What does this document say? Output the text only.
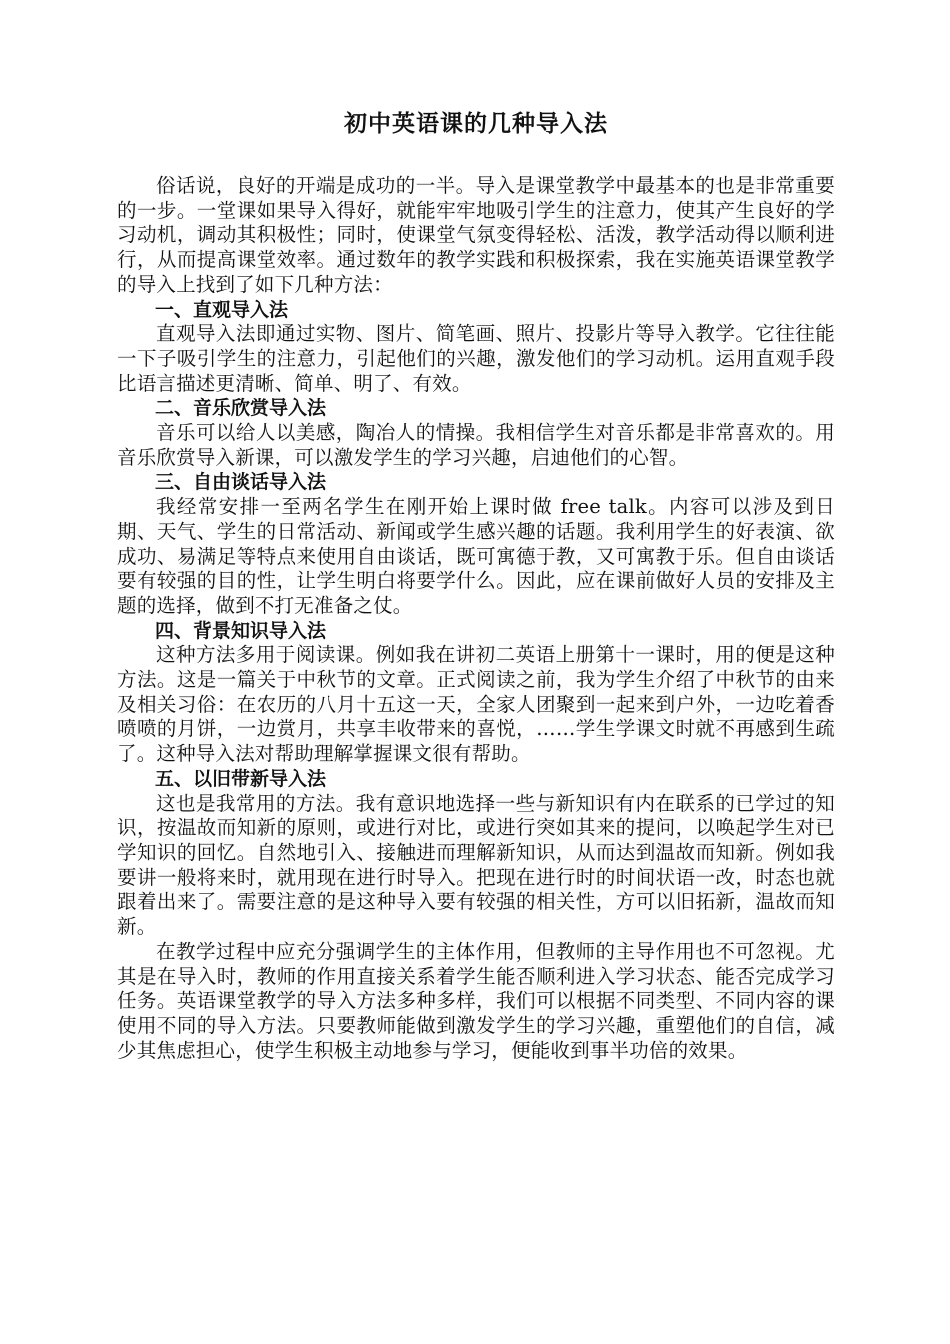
初中英语课的几种导入法

俗话说，良好的开端是成功的一半。导入是课堂教学中最基本的也是非常重要的一步。一堂课如果导入得好，就能牢牢地吸引学生的注意力，使其产生良好的学习动机，调动其积极性；同时，使课堂气氛变得轻松、活泼，教学活动得以顺利进行，从而提高课堂效率。通过数年的教学实践和积极探索，我在实施英语课堂教学的导入上找到了如下几种方法：

一、直观导入法

直观导入法即通过实物、图片、简笔画、照片、投影片等导入教学。它往往能一下子吸引学生的注意力，引起他们的兴趣，激发他们的学习动机。运用直观手段比语言描述更清晰、简单、明了、有效。

二、音乐欣赏导入法

音乐可以给人以美感，陶冶人的情操。我相信学生对音乐都是非常喜欢的。用音乐欣赏导入新课，可以激发学生的学习兴趣，启迪他们的心智。

三、自由谈话导入法

我经常安排一至两名学生在刚开始上课时做 free talk。内容可以涉及到日期、天气、学生的日常活动、新闻或学生感兴趣的话题。我利用学生的好表演、欲成功、易满足等特点来使用自由谈话，既可寓德于教，又可寓教于乐。但自由谈话要有较强的目的性，让学生明白将要学什么。因此，应在课前做好人员的安排及主题的选择，做到不打无准备之仗。

四、背景知识导入法

这种方法多用于阅读课。例如我在讲初二英语上册第十一课时，用的便是这种方法。这是一篇关于中秋节的文章。正式阅读之前，我为学生介绍了中秋节的由来及相关习俗：在农历的八月十五这一天，全家人团聚到一起来到户外，一边吃着香喷喷的月饼，一边赏月，共享丰收带来的喜悦，……学生学课文时就不再感到生疏了。这种导入法对帮助理解掌握课文很有帮助。

五、以旧带新导入法

这也是我常用的方法。我有意识地选择一些与新知识有内在联系的已学过的知识，按温故而知新的原则，或进行对比，或进行突如其来的提问，以唤起学生对已学知识的回忆。自然地引入、接触进而理解新知识，从而达到温故而知新。例如我要讲一般将来时，就用现在进行时导入。把现在进行时的时间状语一改，时态也就跟着出来了。需要注意的是这种导入要有较强的相关性，方可以旧拓新，温故而知新。

在教学过程中应充分强调学生的主体作用，但教师的主导作用也不可忽视。尤其是在导入时，教师的作用直接关系着学生能否顺利进入学习状态、能否完成学习任务。英语课堂教学的导入方法多种多样，我们可以根据不同类型、不同内容的课使用不同的导入方法。只要教师能做到激发学生的学习兴趣，重塑他们的自信，减少其焦虑担心，使学生积极主动地参与学习，便能收到事半功倍的效果。
